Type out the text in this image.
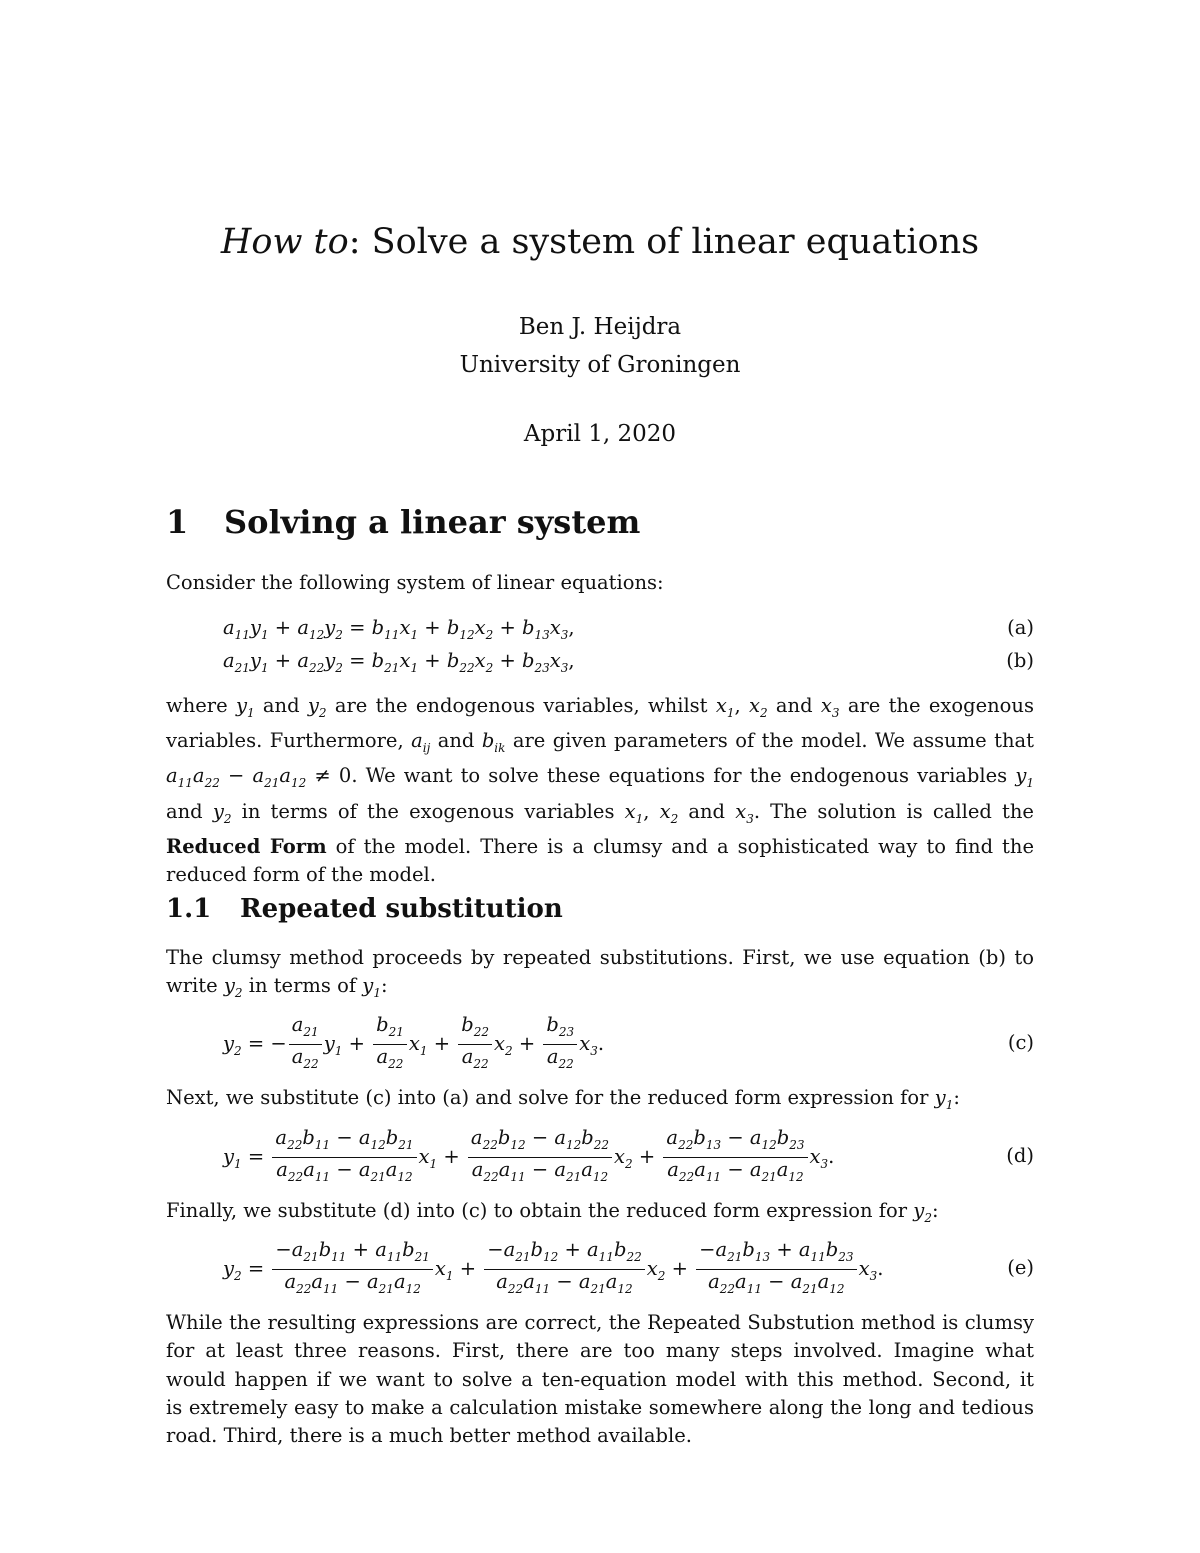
How to: Solve a system of linear equations
Ben J. Heijdra
University of Groningen
April 1, 2020
1 Solving a linear system
Consider the following system of linear equations:
$a_{11}y_1 + a_{12}y_2 = b_{11}x_1 + b_{12}x_2 + b_{13}x_3$,	(a)
$a_{21}y_1 + a_{22}y_2 = b_{21}x_1 + b_{22}x_2 + b_{23}x_3$,	(b)
where $y_1$ and $y_2$ are the endogenous variables, whilst $x_1$, $x_2$ and $x_3$ are the exogenous
variables. Furthermore, $a_{ij}$ and $b_{ik}$ are given parameters of the model. We assume that
$a_{11}a_{22} - a_{21}a_{12} \ne 0$. We want to solve these equations for the endogenous variables $y_1$
and $y_2$ in terms of the exogenous variables $x_1$, $x_2$ and $x_3$. The solution is called the
Reduced Form of the model. There is a clumsy and a sophisticated way to find the
reduced form of the model.
1.1 Repeated substitution
The clumsy method proceeds by repeated substitutions. First, we use equation (b) to
write $y_2$ in terms of $y_1$:
$y_2$ = − $\frac{a_{21}}{a_{22}} y_1 + \frac{b_{21}}{a_{22}} x_1 + \frac{b_{22}}{a_{22}} x_2 + \frac{b_{23}}{a_{22}} x_3$.	(c)
Next, we substitute (c) into (a) and solve for the reduced form expression for $y_1$:
$y_1 = \frac{a_{22}b_{11} - a_{12}b_{21}}{a_{22}a_{11} - a_{21}a_{12}} x_1 + \frac{a_{22}b_{12} - a_{12}b_{22}}{a_{22}a_{11} - a_{21}a_{12}} x_2 + \frac{a_{22}b_{13} - a_{12}b_{23}}{a_{22}a_{11} - a_{21}a_{12}} x_3$.	(d)
Finally, we substitute (d) into (c) to obtain the reduced form expression for $y_2$:
$y_2 = \frac{-a_{21}b_{11} + a_{11}b_{21}}{a_{22}a_{11} - a_{21}a_{12}} x_1 + \frac{-a_{21}b_{12} + a_{11}b_{22}}{a_{22}a_{11} - a_{21}a_{12}} x_2 + \frac{-a_{21}b_{13} + a_{11}b_{23}}{a_{22}a_{11} - a_{21}a_{12}} x_3$.	(e)
While the resulting expressions are correct, the Repeated Substution method is clumsy
for at least three reasons. First, there are too many steps involved. Imagine what
would happen if we want to solve a ten-equation model with this method. Second, it
is extremely easy to make a calculation mistake somewhere along the long and tedious
road. Third, there is a much better method available.
